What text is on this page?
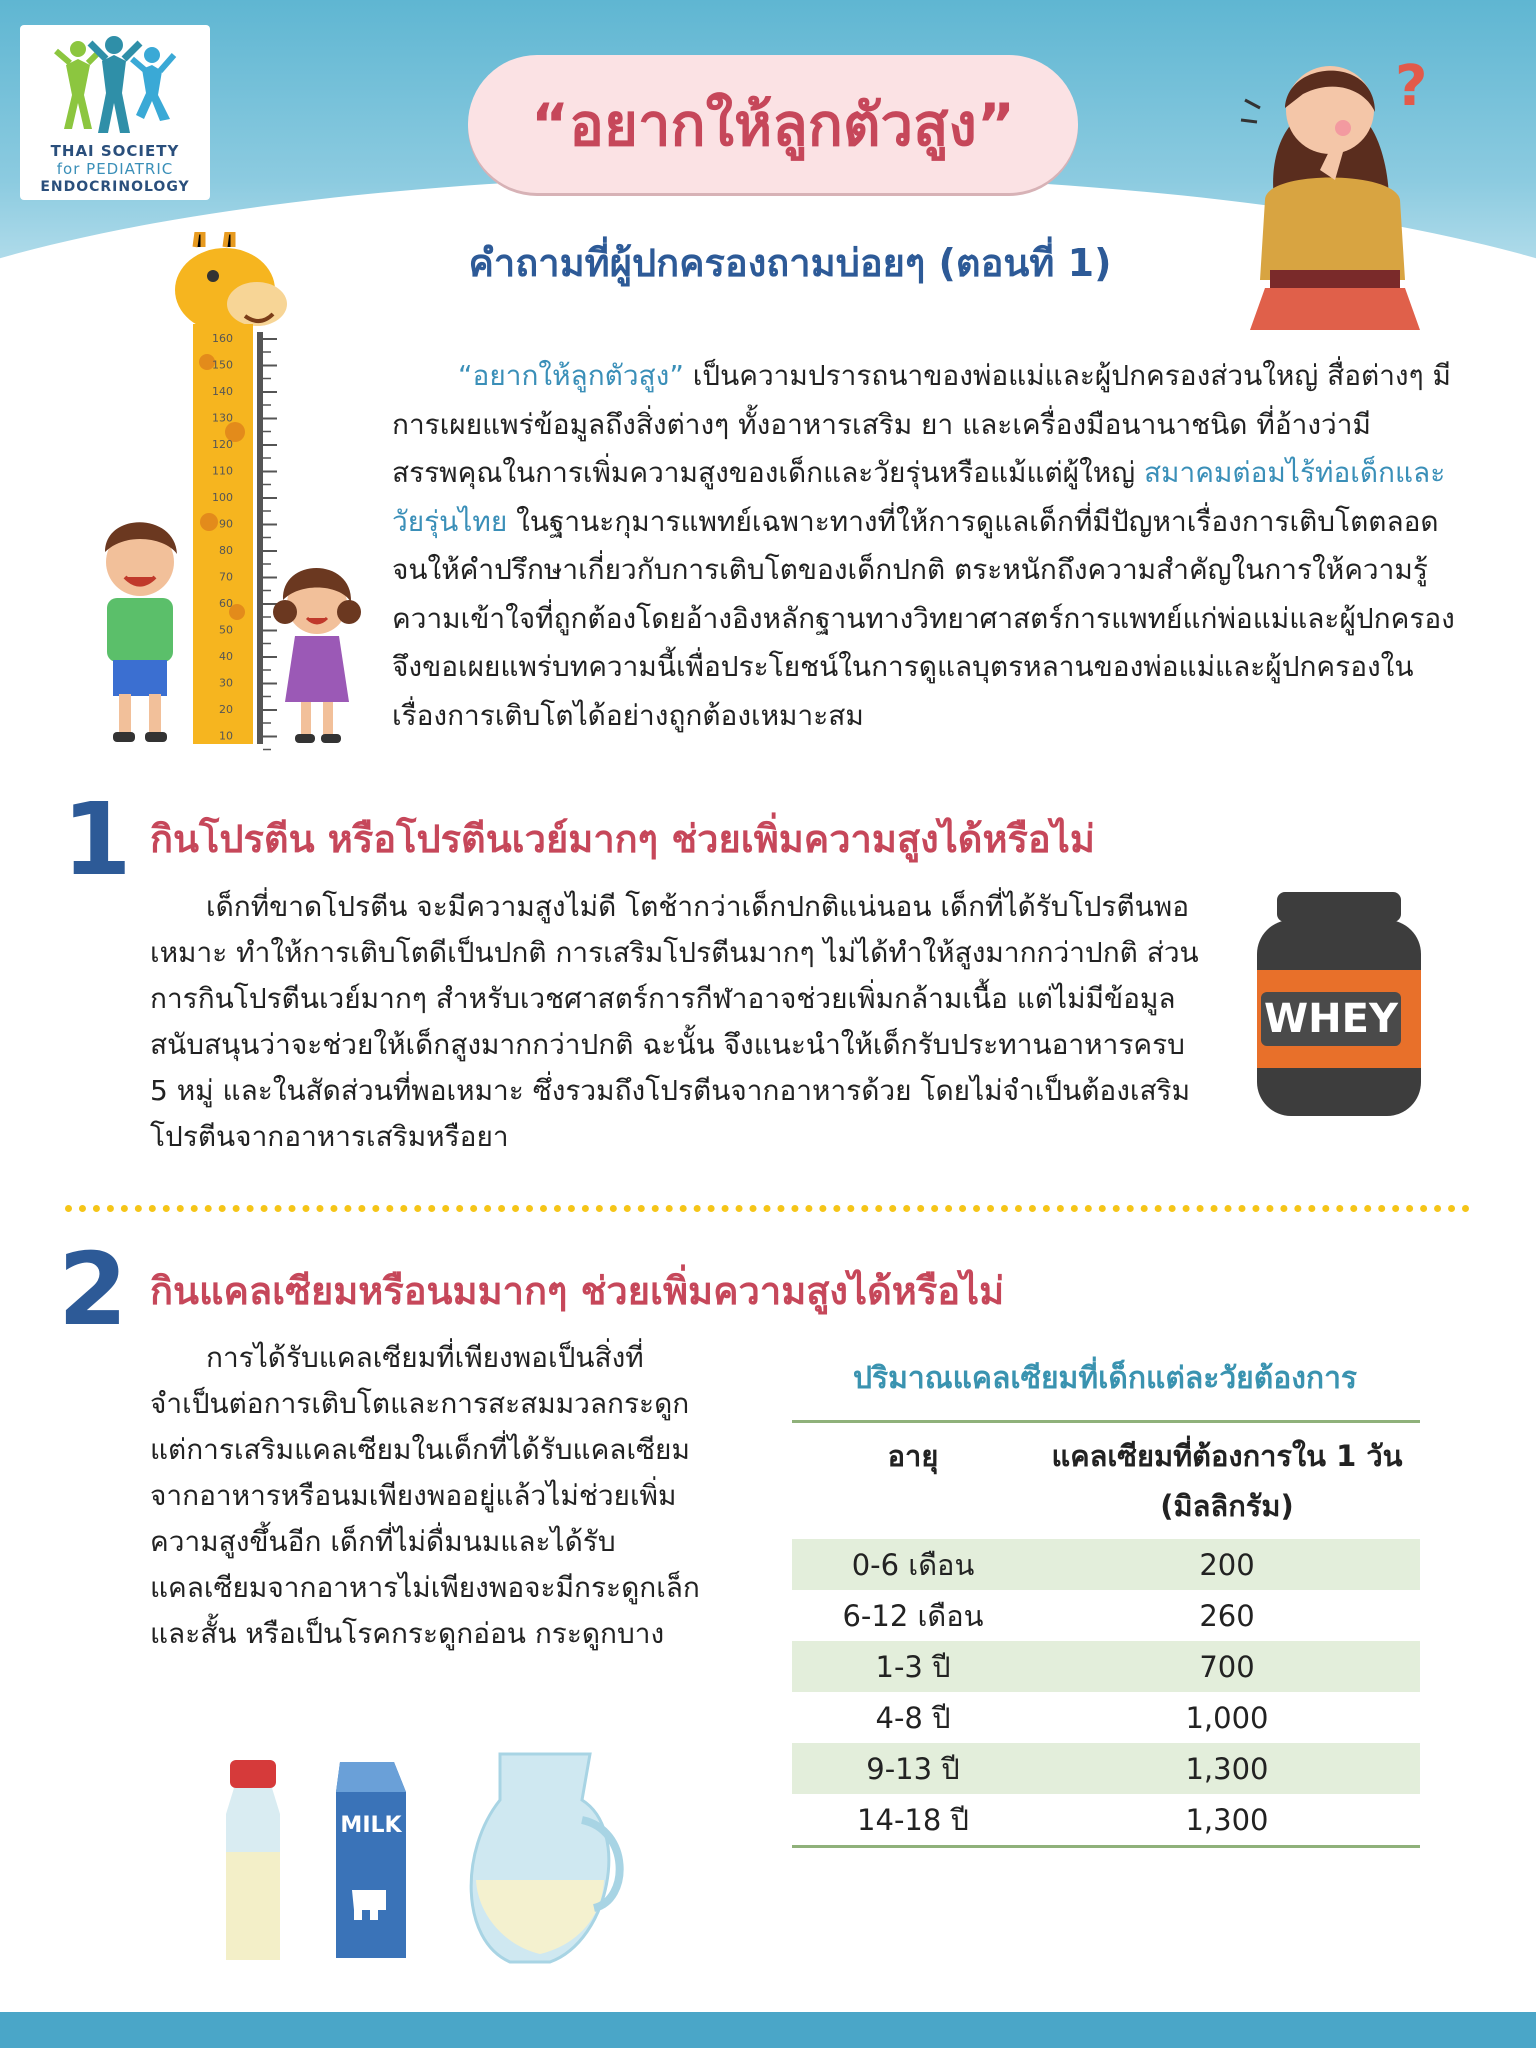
THAI SOCIETY
for PEDIATRIC
ENDOCRINOLOGY
“อยากให้ลูกตัวสูง”
?
คำถามที่ผู้ปกครองถามบ่อยๆ (ตอนที่ 1)
160
150
140
130
120
110
100
90
80
70
60
50
40
30
20
10
“อยากให้ลูกตัวสูง” เป็นความปรารถนาของพ่อแม่และผู้ปกครองส่วนใหญ่ สื่อต่างๆ มีการเผยแพร่ข้อมูลถึงสิ่งต่างๆ ทั้งอาหารเสริม ยา และเครื่องมือนานาชนิด ที่อ้างว่ามีสรรพคุณในการเพิ่มความสูงของเด็กและวัยรุ่นหรือแม้แต่ผู้ใหญ่ สมาคมต่อมไร้ท่อเด็กและวัยรุ่นไทย ในฐานะกุมารแพทย์เฉพาะทางที่ให้การดูแลเด็กที่มีปัญหาเรื่องการเติบโตตลอดจนให้คำปรึกษาเกี่ยวกับการเติบโตของเด็กปกติ ตระหนักถึงความสำคัญในการให้ความรู้ความเข้าใจที่ถูกต้องโดยอ้างอิงหลักฐานทางวิทยาศาสตร์การแพทย์แก่พ่อแม่และผู้ปกครอง จึงขอเผยแพร่บทความนี้เพื่อประโยชน์ในการดูแลบุตรหลานของพ่อแม่และผู้ปกครองในเรื่องการเติบโตได้อย่างถูกต้องเหมาะสม
1 กินโปรตีน หรือโปรตีนเวย์มากๆ ช่วยเพิ่มความสูงได้หรือไม่
เด็กที่ขาดโปรตีน จะมีความสูงไม่ดี โตช้ากว่าเด็กปกติแน่นอน เด็กที่ได้รับโปรตีนพอเหมาะ ทำให้การเติบโตดีเป็นปกติ การเสริมโปรตีนมากๆ ไม่ได้ทำให้สูงมากกว่าปกติ ส่วนการกินโปรตีนเวย์มากๆ สำหรับเวชศาสตร์การกีฬาอาจช่วยเพิ่มกล้ามเนื้อ แต่ไม่มีข้อมูลสนับสนุนว่าจะช่วยให้เด็กสูงมากกว่าปกติ ฉะนั้น จึงแนะนำให้เด็กรับประทานอาหารครบ 5 หมู่ และในสัดส่วนที่พอเหมาะ ซึ่งรวมถึงโปรตีนจากอาหารด้วย โดยไม่จำเป็นต้องเสริมโปรตีนจากอาหารเสริมหรือยา
WHEY
2 กินแคลเซียมหรือนมมากๆ ช่วยเพิ่มความสูงได้หรือไม่
การได้รับแคลเซียมที่เพียงพอเป็นสิ่งที่จำเป็นต่อการเติบโตและการสะสมมวลกระดูก แต่การเสริมแคลเซียมในเด็กที่ได้รับแคลเซียมจากอาหารหรือนมเพียงพออยู่แล้วไม่ช่วยเพิ่มความสูงขึ้นอีก เด็กที่ไม่ดื่มนมและได้รับแคลเซียมจากอาหารไม่เพียงพอจะมีกระดูกเล็กและสั้น หรือเป็นโรคกระดูกอ่อน กระดูกบาง
MILK
ปริมาณแคลเซียมที่เด็กแต่ละวัยต้องการ
อายุ	แคลเซียมที่ต้องการใน 1 วัน (มิลลิกรัม)
0-6 เดือน	200
6-12 เดือน	260
1-3 ปี	700
4-8 ปี	1,000
9-13 ปี	1,300
14-18 ปี	1,300
